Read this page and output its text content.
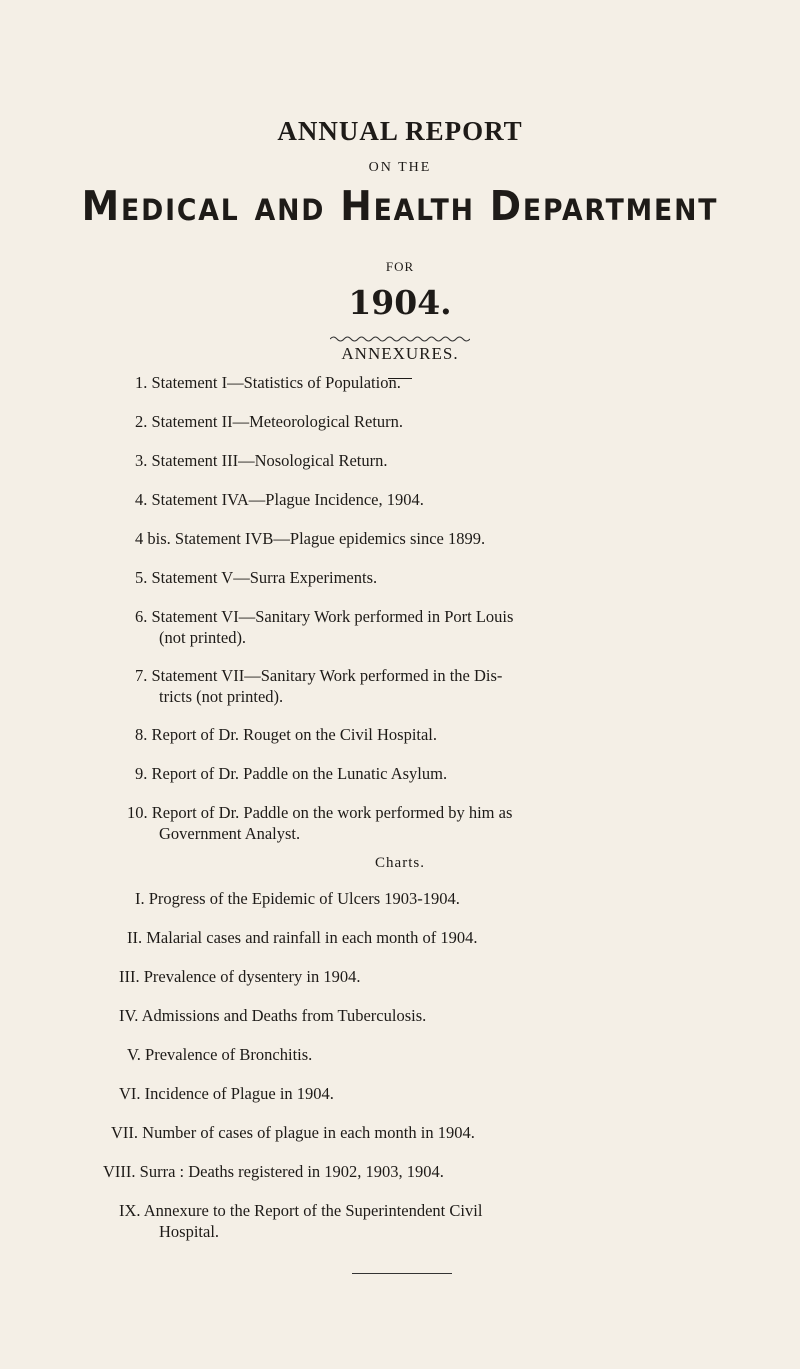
ANNUAL REPORT
ON THE
Medical and Health Department
FOR
1904.
ANNEXURES.
Charts.
1. Statement I—Statistics of Population.
2. Statement II—Meteorological Return.
3. Statement III—Nosological Return.
4. Statement IVA—Plague Incidence, 1904.
4 bis. Statement IVB—Plague epidemics since 1899.
5. Statement V—Surra Experiments.
6. Statement VI—Sanitary Work performed in Port Louis
(not printed).
7. Statement VII—Sanitary Work performed in the Dis-
tricts (not printed).
8. Report of Dr. Rouget on the Civil Hospital.
9. Report of Dr. Paddle on the Lunatic Asylum.
10. Report of Dr. Paddle on the work performed by him as
Government Analyst.
I. Progress of the Epidemic of Ulcers 1903-1904.
II. Malarial cases and rainfall in each month of 1904.
III. Prevalence of dysentery in 1904.
IV. Admissions and Deaths from Tuberculosis.
V. Prevalence of Bronchitis.
VI. Incidence of Plague in 1904.
VII. Number of cases of plague in each month in 1904.
VIII. Surra : Deaths registered in 1902, 1903, 1904.
IX. Annexure to the Report of the Superintendent Civil
Hospital.
